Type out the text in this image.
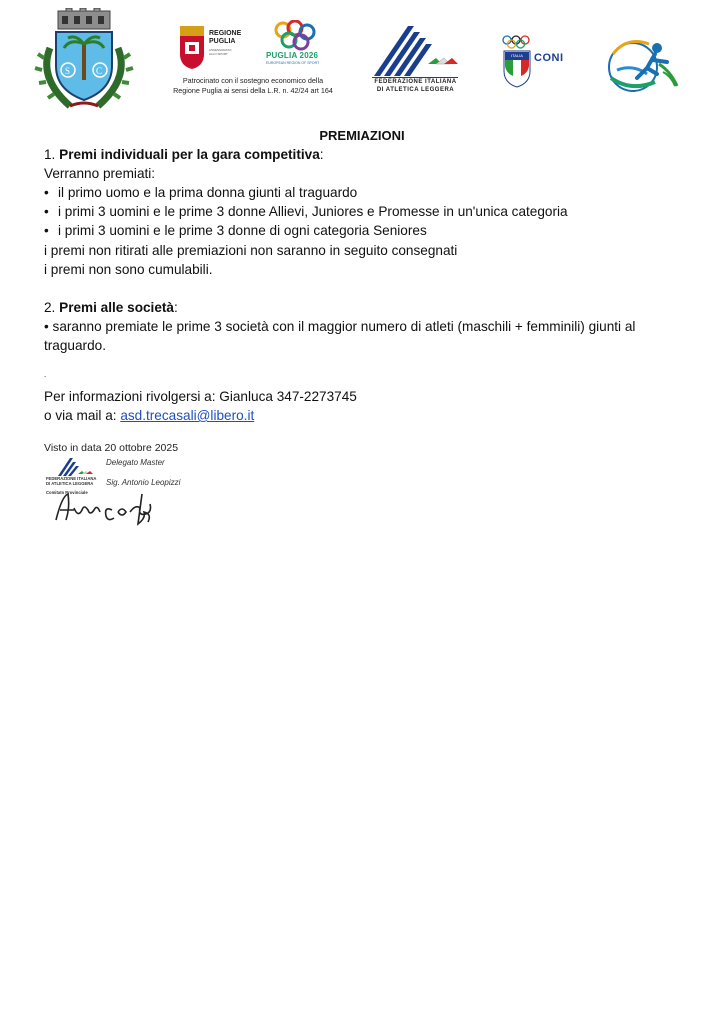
S	C
REGIONE
PUGLIA
ASSESSORATO ALLO SPORT	PUGLIA 2026
EUROPEAN REGION OF SPORT
Patrocinato con il sostegno economico della
Regione Puglia ai sensi della L.R. n. 42/24 art 164
FEDERAZIONE ITALIANA
DI ATLETICA LEGGERA
ITALIA	CONI
PREMIAZIONI
1. Premi individuali per la gara competitiva:
Verranno premiati:
• il primo uomo e la prima donna giunti al traguardo
• i primi 3 uomini e le prime 3 donne Allievi, Juniores e Promesse in un'unica categoria
• i primi 3 uomini e le prime 3 donne di ogni categoria Seniores
i premi non ritirati alle premiazioni non saranno in seguito consegnati
i premi non sono cumulabili.
2. Premi alle società:
• saranno premiate le prime 3 società con il maggior numero di atleti (maschili + femminili) giunti al
traguardo.
.
Per informazioni rivolgersi a: Gianluca 347-2273745
o via mail a: asd.trecasali@libero.it
Visto in data 20 ottobre 2025
FEDERAZIONE ITALIANA
DI ATLETICA LEGGERA
Comitato Provinciale
Delegato Master
Sig. Antonio Leopizzi
